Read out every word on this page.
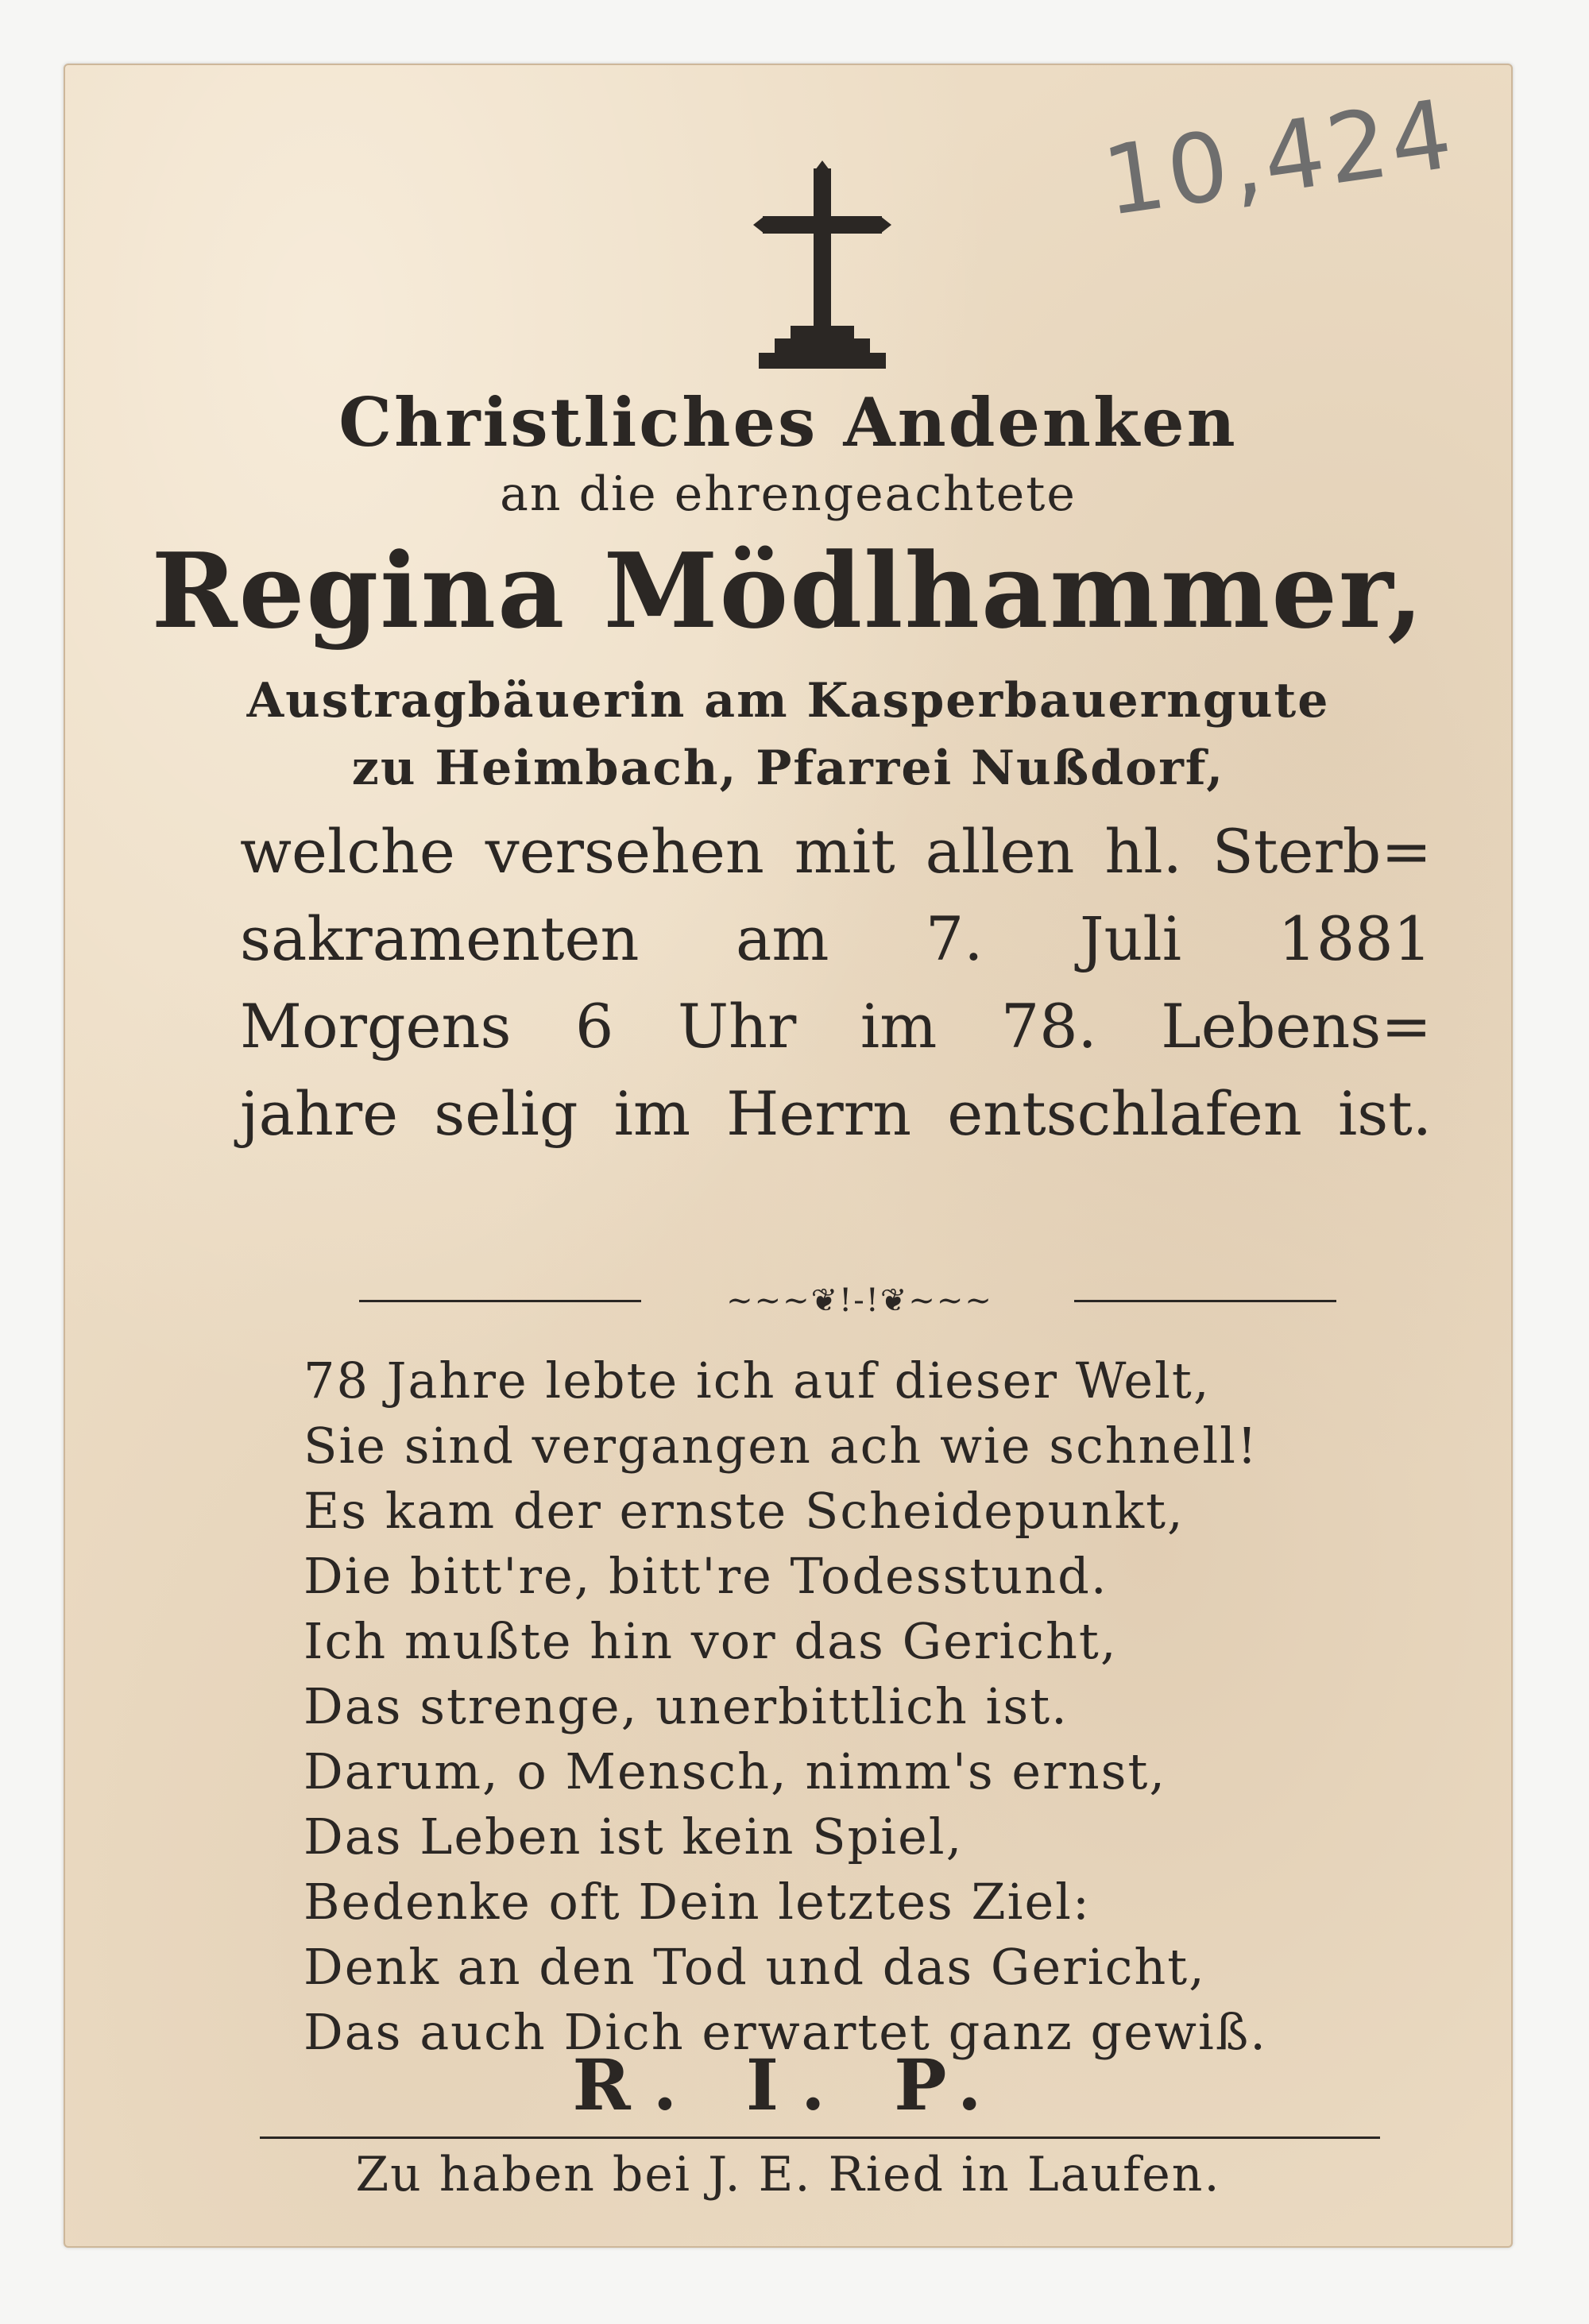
10,424
Christliches Andenken
an die ehrengeachtete
Regina Mödlhammer,
Austragbäuerin am Kasperbauerngute
zu Heimbach, Pfarrei Nußdorf,
welche versehen mit allen hl. Sterb=
sakramenten am 7. Juli 1881
Morgens 6 Uhr im 78. Lebens=
jahre selig im Herrn entschlafen ist.
~~~❦!-!❦~~~
78 Jahre lebte ich auf dieser Welt,
Sie sind vergangen ach wie schnell!
Es kam der ernste Scheidepunkt,
Die bitt're, bitt're Todesstund.
Ich mußte hin vor das Gericht,
Das strenge, unerbittlich ist.
Darum, o Mensch, nimm's ernst,
Das Leben ist kein Spiel,
Bedenke oft Dein letztes Ziel:
Denk an den Tod und das Gericht,
Das auch Dich erwartet ganz gewiß.
R. I. P.
Zu haben bei J. E. Ried in Laufen.
